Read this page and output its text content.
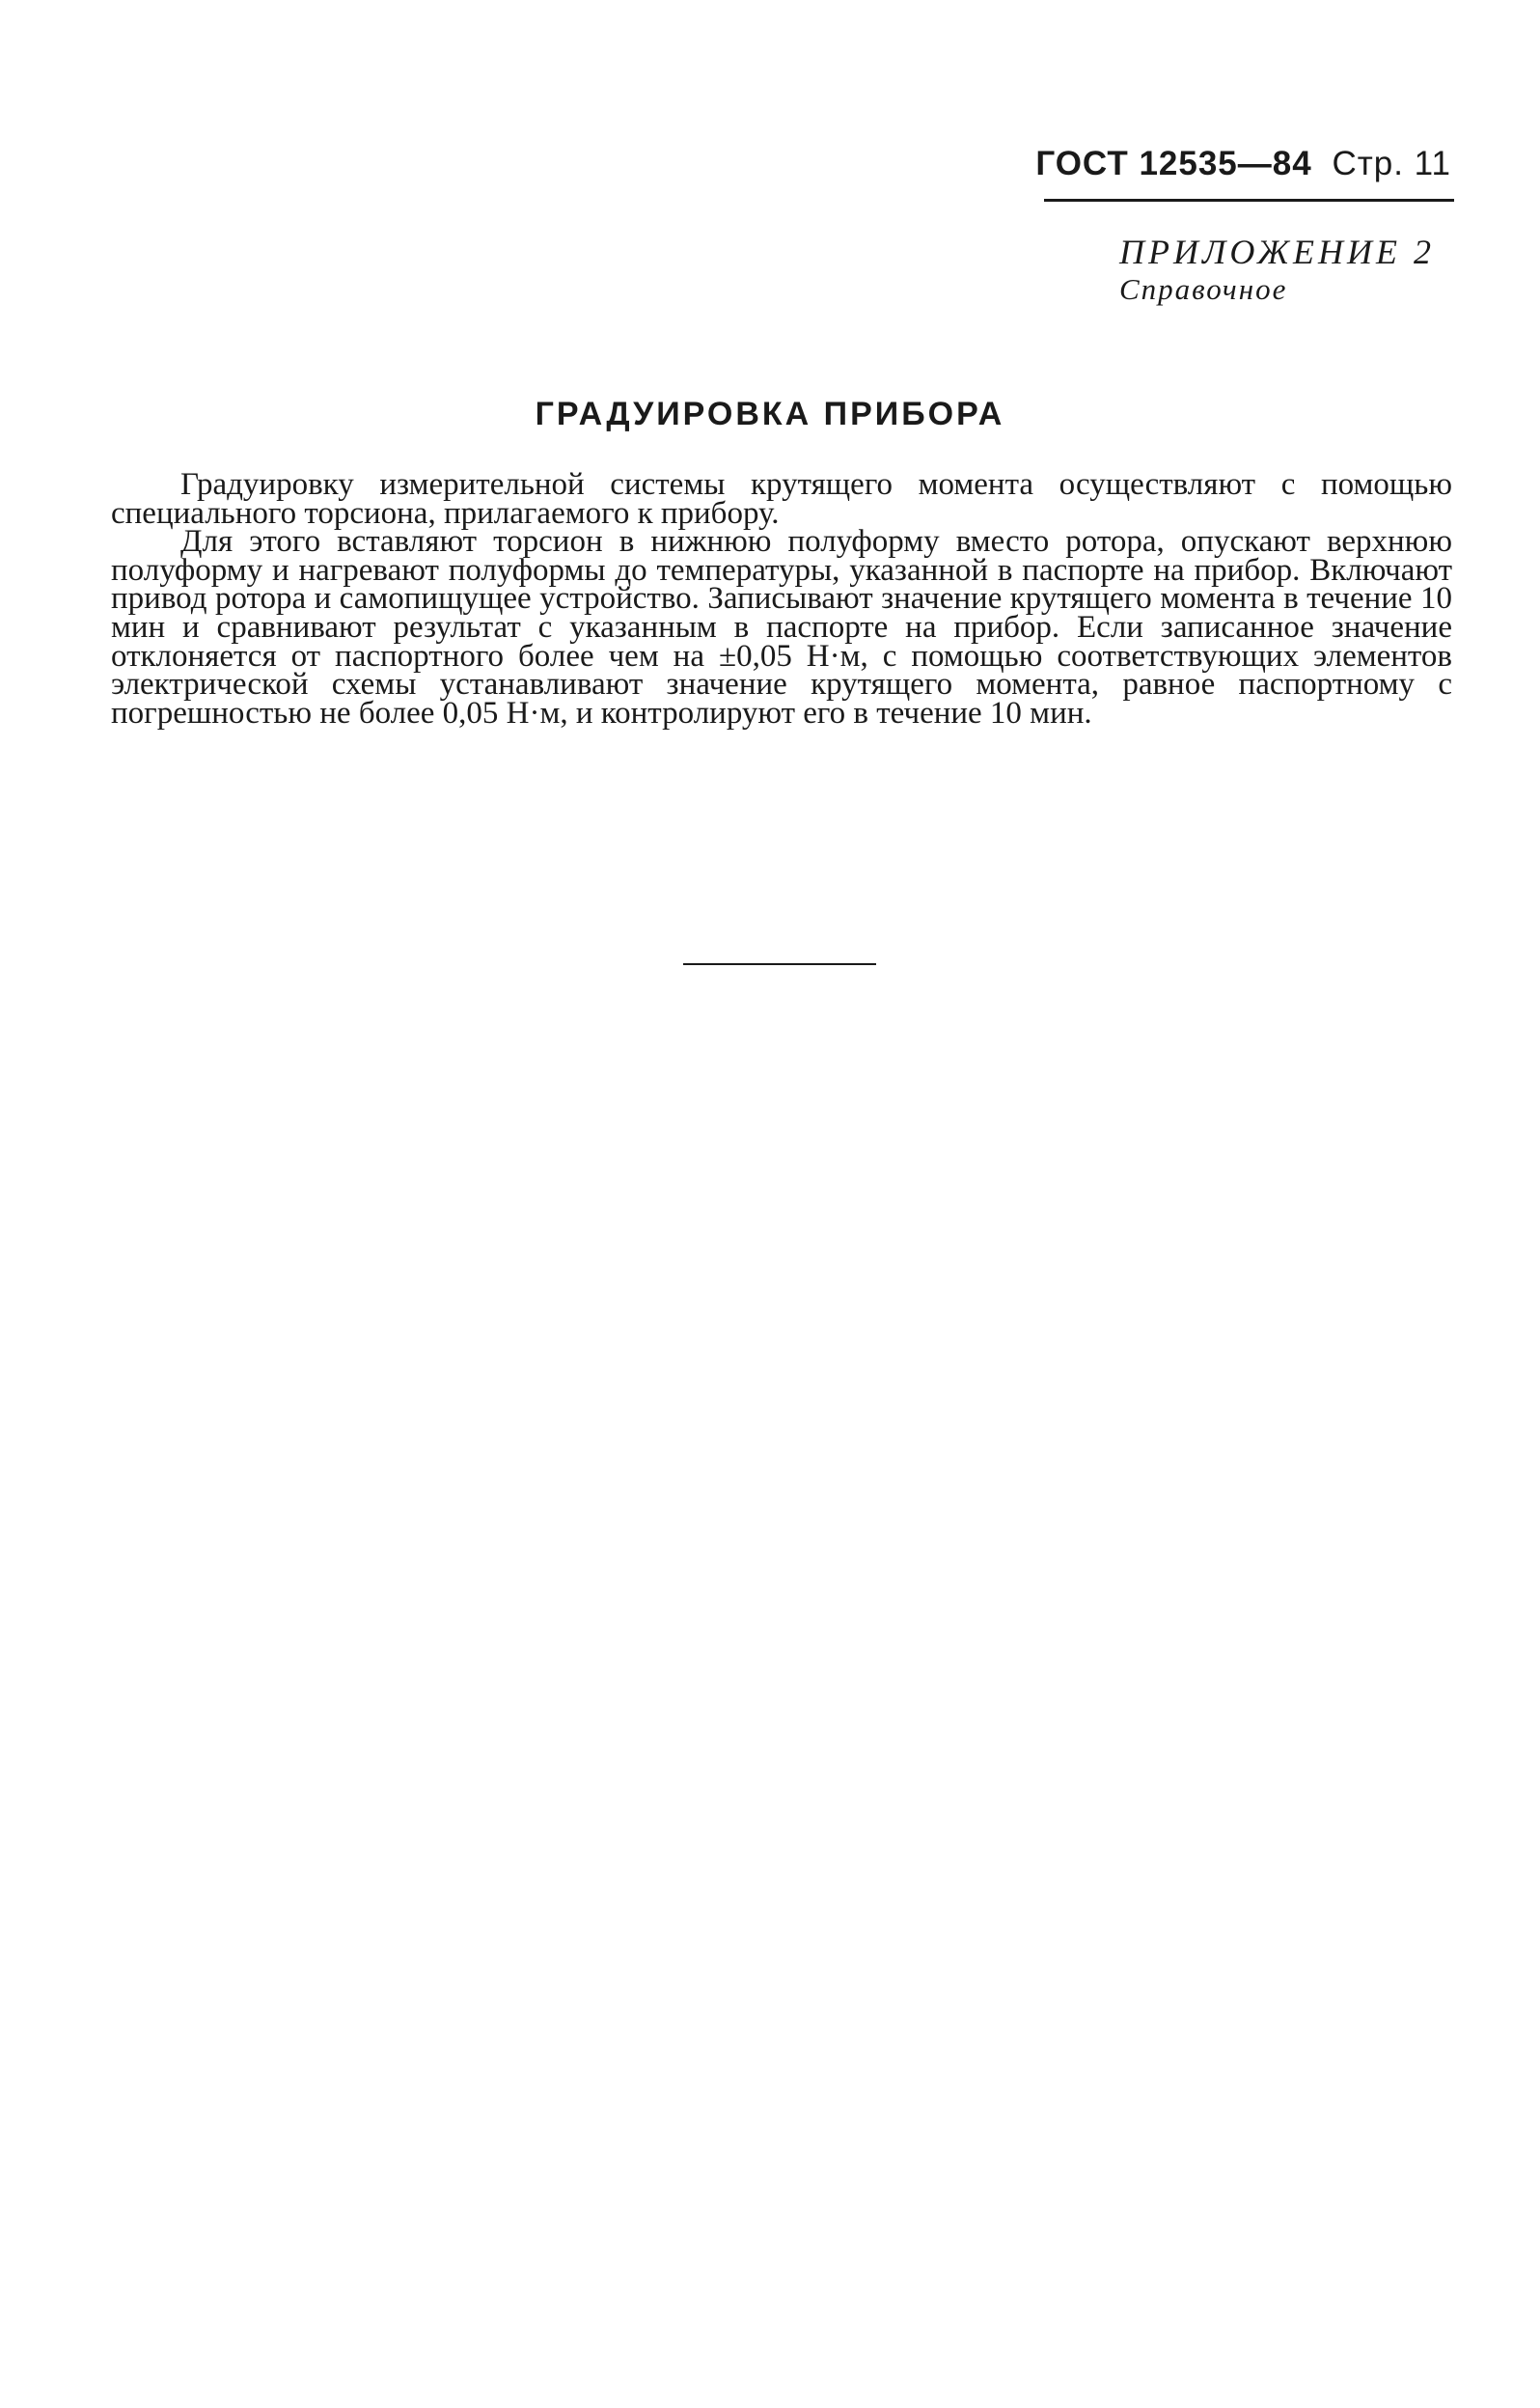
ГОСТ 12535—84 Стр. 11
ПРИЛОЖЕНИЕ 2
Справочное
ГРАДУИРОВКА ПРИБОРА

Градуировку измерительной системы крутящего момента осуществляют с помощью специального торсиона, прилагаемого к прибору.

Для этого вставляют торсион в нижнюю полуформу вместо ротора, опускают верхнюю полуформу и нагревают полуформы до температуры, указанной в паспорте на прибор. Включают привод ротора и самопищущее устройство. Записывают значение крутящего момента в течение 10 мин и сравнивают результат с указанным в паспорте на прибор. Если записанное значение отклоняется от паспортного более чем на ±0,05 Н·м, с помощью соответствующих элементов электрической схемы устанавливают значение крутящего момента, равное паспортному с погрешностью не более 0,05 Н·м, и контролируют его в течение 10 мин.
